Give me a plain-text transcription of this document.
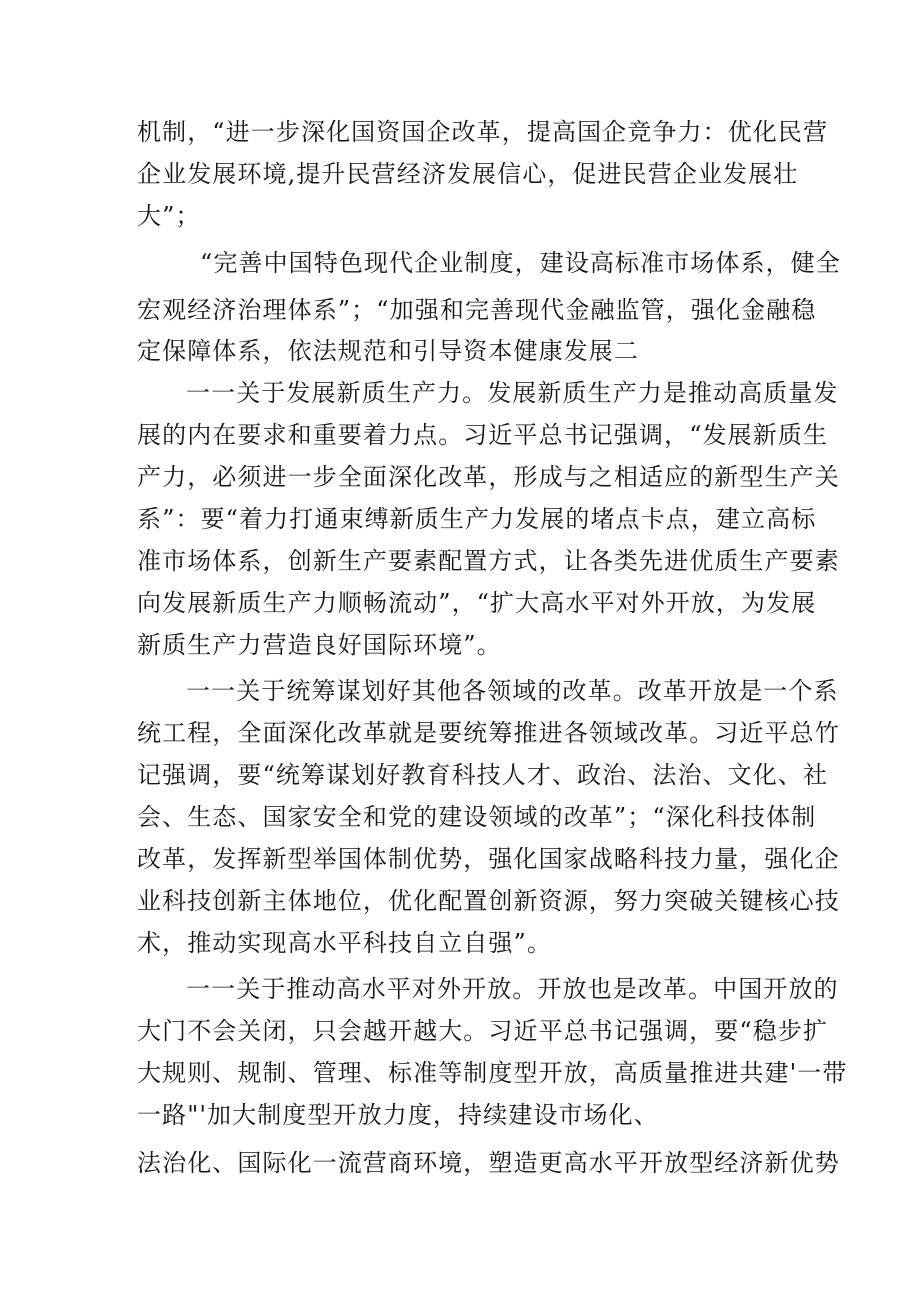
机制，“进一步深化国资国企改革，提高国企竞争力：优化民营
企业发展环境,提升民营经济发展信心，促进民营企业发展壮
大”；
“完善中国特色现代企业制度，建设高标准市场体系，健全
宏观经济治理体系”；“加强和完善现代金融监管，强化金融稳
定保障体系，依法规范和引导资本健康发展二
一一关于发展新质生产力。发展新质生产力是推动高质量发
展的内在要求和重要着力点。习近平总书记强调，“发展新质生
产力，必须进一步全面深化改革，形成与之相适应的新型生产关
系”：要“着力打通束缚新质生产力发展的堵点卡点，建立高标
准市场体系，创新生产要素配置方式，让各类先进优质生产要素
向发展新质生产力顺畅流动”，“扩大高水平对外开放，为发展
新质生产力营造良好国际环境”。
一一关于统筹谋划好其他各领域的改革。改革开放是一个系
统工程，全面深化改革就是要统筹推进各领域改革。习近平总竹
记强调，要“统筹谋划好教育科技人才、政治、法治、文化、社
会、生态、国家安全和党的建设领域的改革”；“深化科技体制
改革，发挥新型举国体制优势，强化国家战略科技力量，强化企
业科技创新主体地位，优化配置创新资源，努力突破关键核心技
术，推动实现高水平科技自立自强”。
一一关于推动高水平对外开放。开放也是改革。中国开放的
大门不会关闭，只会越开越大。习近平总书记强调，要“稳步扩
大规则、规制、管理、标准等制度型开放，高质量推进共建'一带
一路"'加大制度型开放力度，持续建设市场化、
法治化、国际化一流营商环境，塑造更高水平开放型经济新优势
